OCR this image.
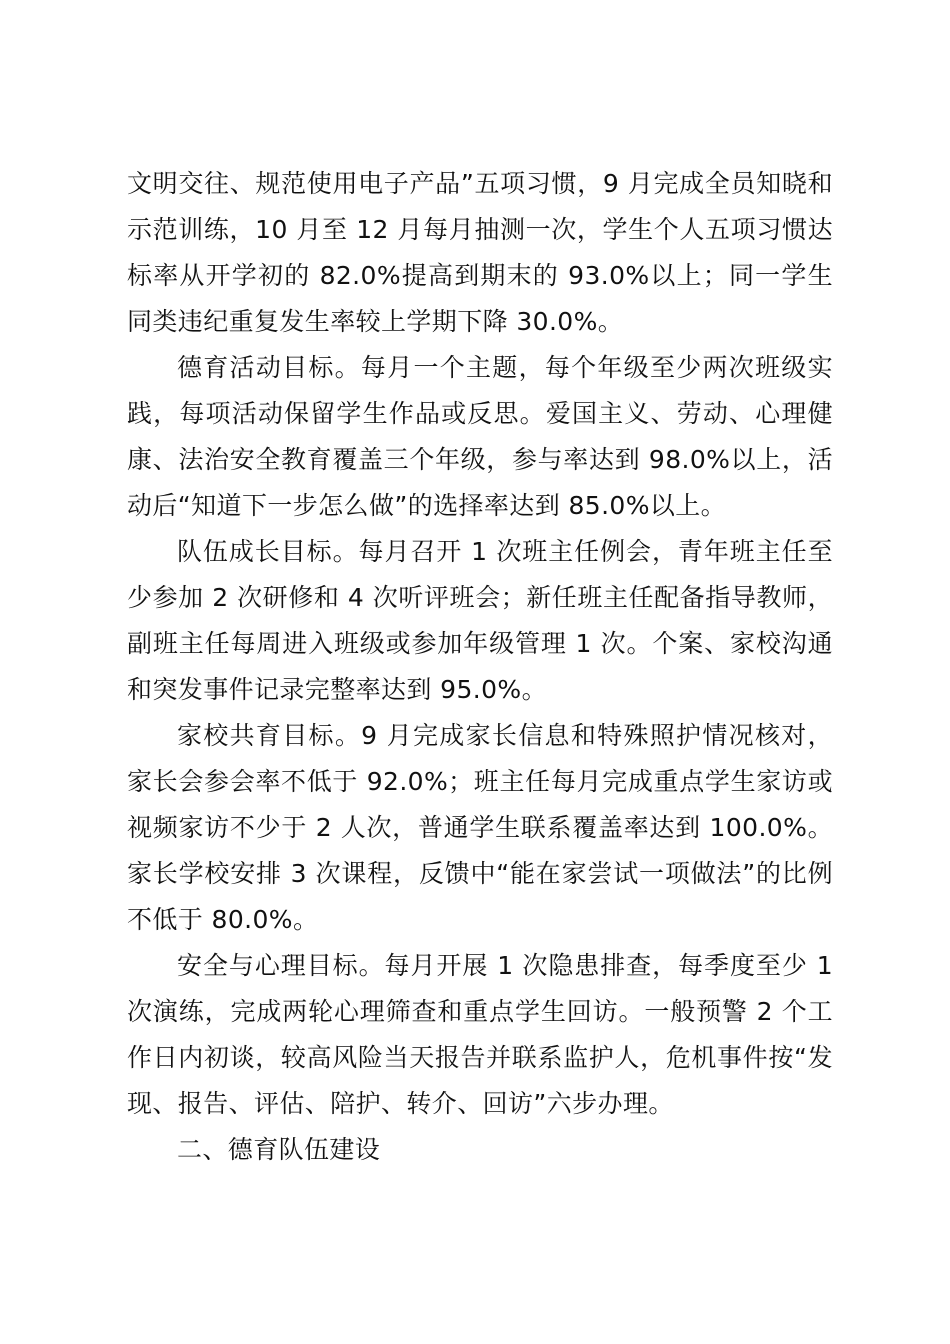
文明交往、规范使用电子产品”五项习惯，9 月完成全员知晓和示范训练，10 月至 12 月每月抽测一次，学生个人五项习惯达标率从开学初的 82.0%提高到期末的 93.0%以上；同一学生同类违纪重复发生率较上学期下降 30.0%。

德育活动目标。每月一个主题，每个年级至少两次班级实践，每项活动保留学生作品或反思。爱国主义、劳动、心理健康、法治安全教育覆盖三个年级，参与率达到 98.0%以上，活动后“知道下一步怎么做”的选择率达到 85.0%以上。

队伍成长目标。每月召开 1 次班主任例会，青年班主任至少参加 2 次研修和 4 次听评班会；新任班主任配备指导教师，副班主任每周进入班级或参加年级管理 1 次。个案、家校沟通和突发事件记录完整率达到 95.0%。

家校共育目标。9 月完成家长信息和特殊照护情况核对，家长会参会率不低于 92.0%；班主任每月完成重点学生家访或视频家访不少于 2 人次，普通学生联系覆盖率达到 100.0%。家长学校安排 3 次课程，反馈中“能在家尝试一项做法”的比例不低于 80.0%。

安全与心理目标。每月开展 1 次隐患排查，每季度至少 1 次演练，完成两轮心理筛查和重点学生回访。一般预警 2 个工作日内初谈，较高风险当天报告并联系监护人，危机事件按“发现、报告、评估、陪护、转介、回访”六步办理。

二、德育队伍建设
